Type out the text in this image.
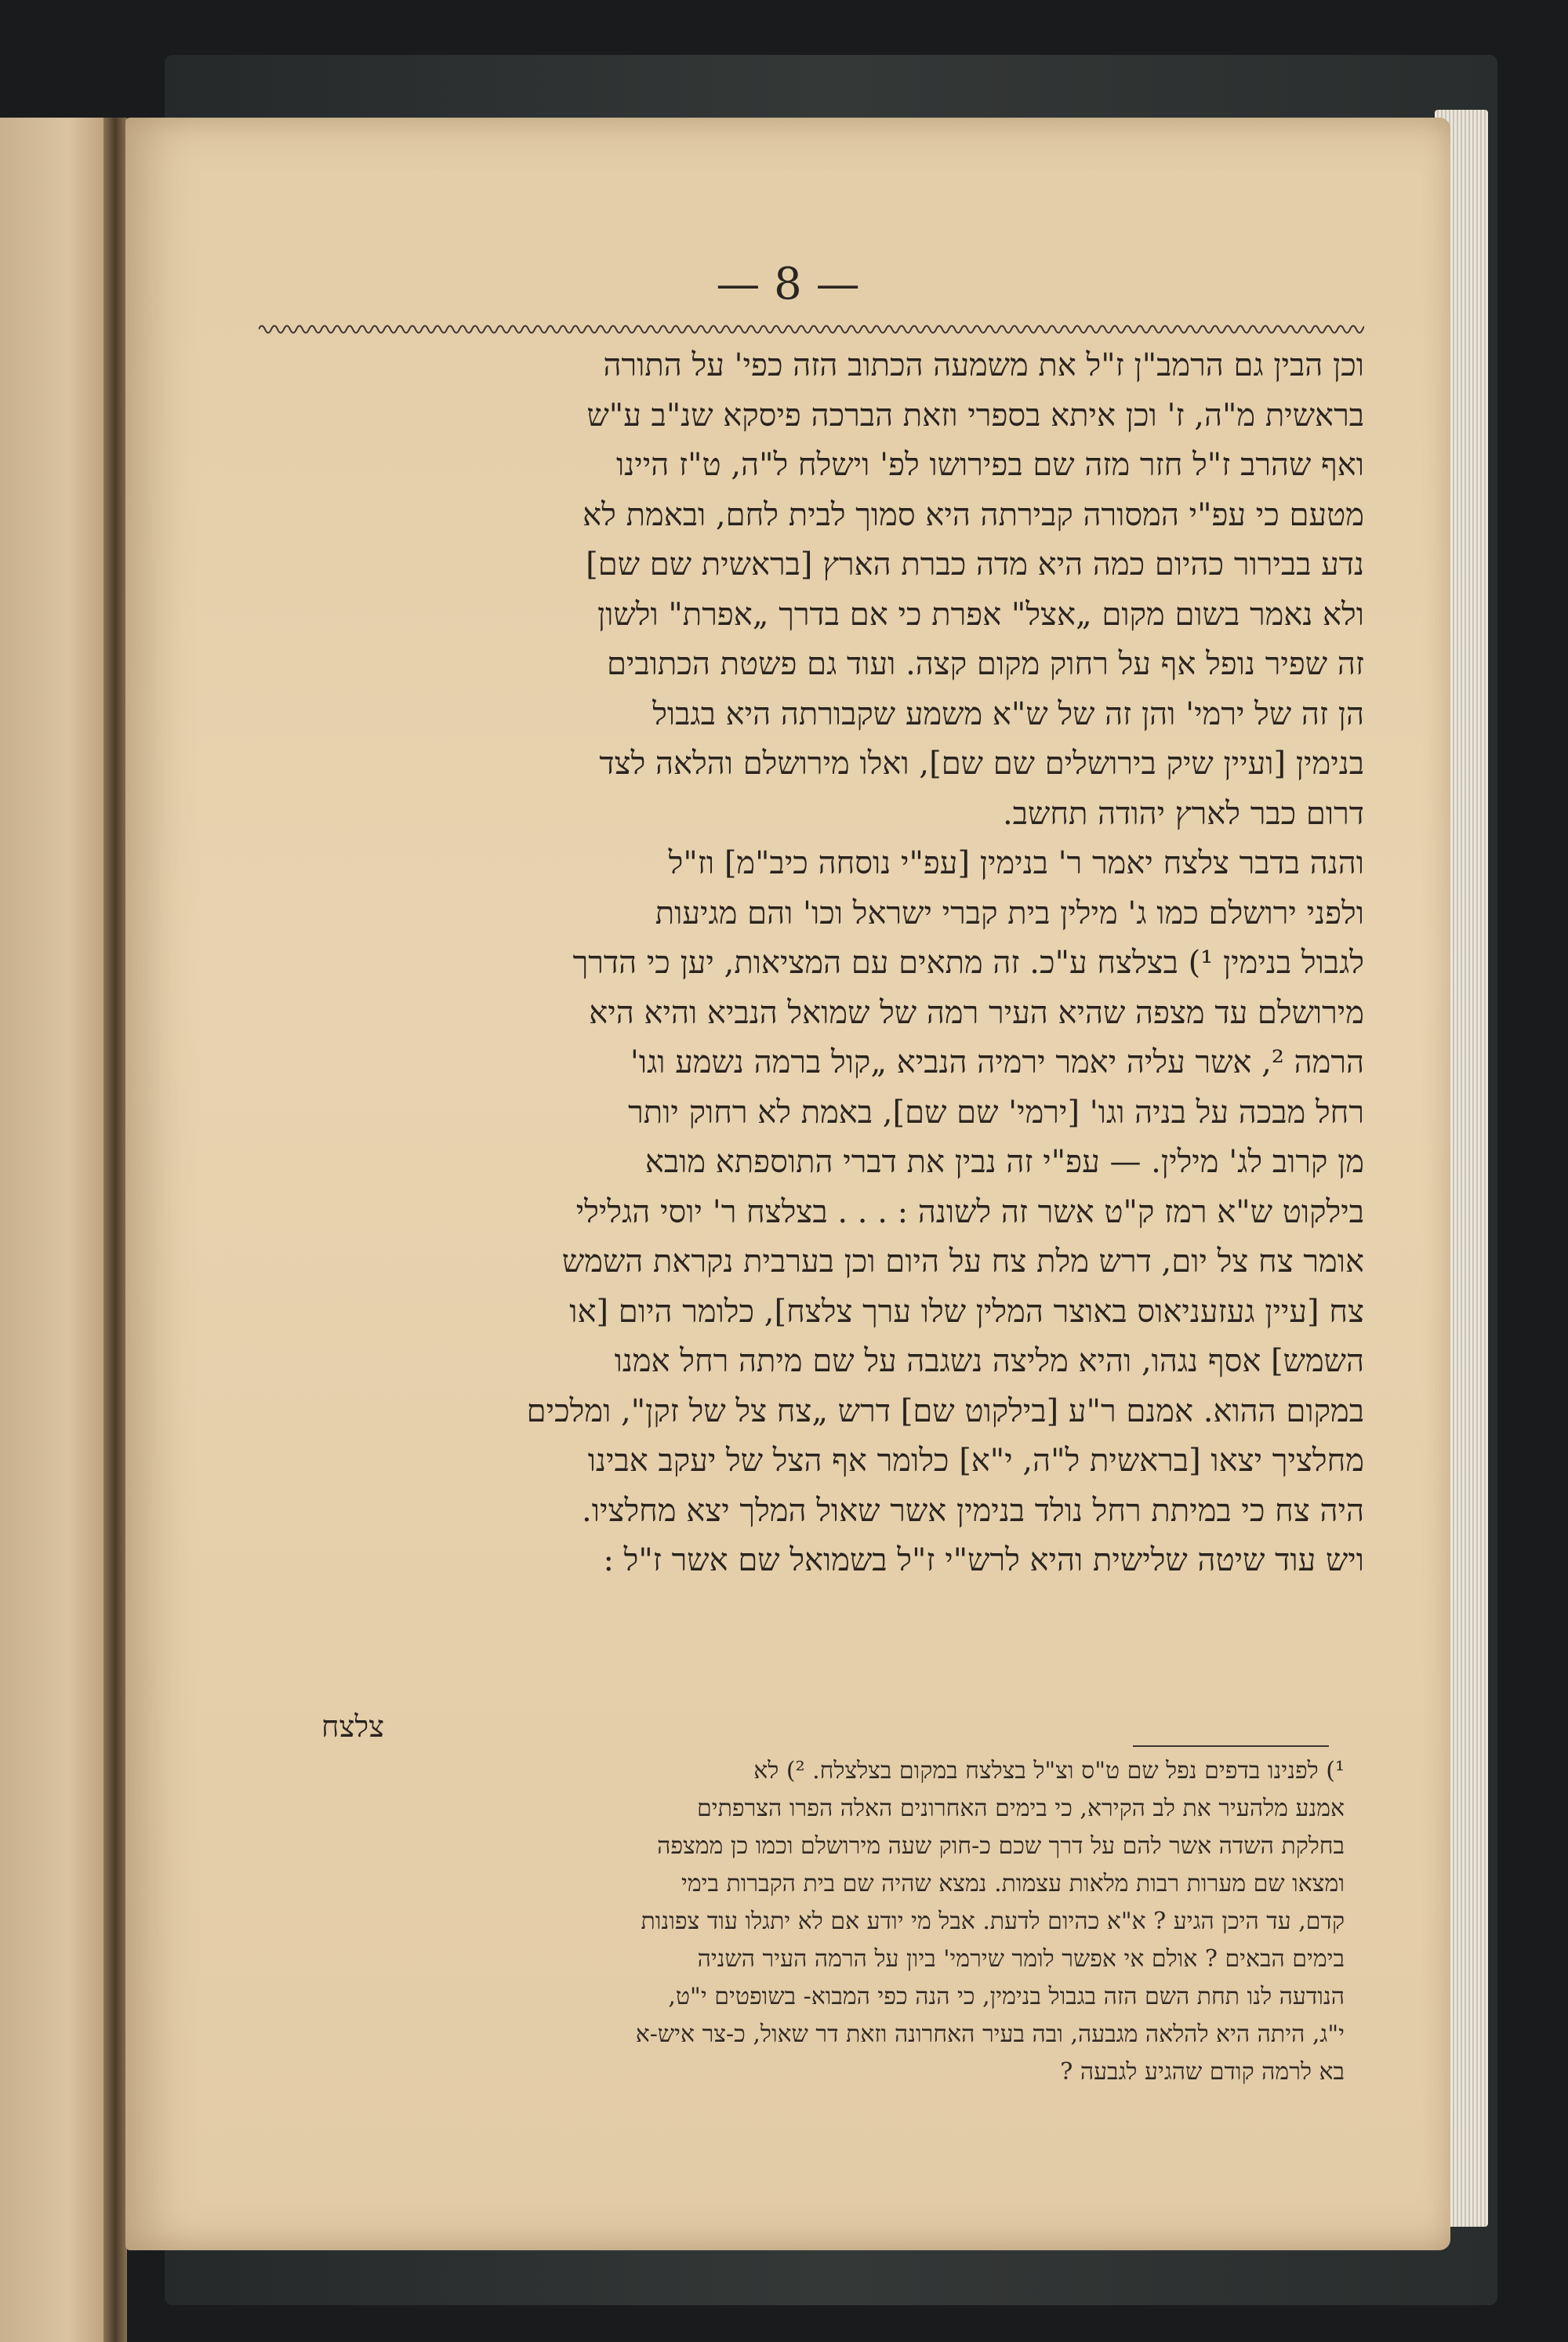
— 8 —
וכן הבין גם הרמב"ן ז"ל את משמעה הכתוב הזה כפי' על התורה
בראשית מ"ה, ז' וכן איתא בספרי וזאת הברכה פיסקא שנ"ב ע"ש
ואף שהרב ז"ל חזר מזה שם בפירושו לפ' וישלח ל"ה, ט"ז היינו
מטעם כי עפ"י המסורה קבירתה היא סמוך לבית לחם, ובאמת לא
נדע בבירור כהיום כמה היא מדה כברת הארץ [בראשית שם שם]
ולא נאמר בשום מקום „אצל" אפרת כי אם בדרך „אפרת" ולשון
זה שפיר נופל אף על רחוק מקום קצה. ועוד גם פשטת הכתובים
הן זה של ירמי' והן זה של ש"א משמע שקבורתה היא בגבול
בנימין [ועיין שיק בירושלים שם שם], ואלו מירושלם והלאה לצד
דרום כבר לארץ יהודה תחשב.
והנה בדבר צלצח יאמר ר' בנימין [עפ"י נוסחה כיב"מ] וז"ל
ולפני ירושלם כמו ג' מילין בית קברי ישראל וכו' והם מגיעות
לגבול בנימין ¹) בצלצח ע"כ. זה מתאים עם המציאות, יען כי הדרך
מירושלם עד מצפה שהיא העיר רמה של שמואל הנביא והיא היא
הרמה ², אשר עליה יאמר ירמיה הנביא „קול ברמה נשמע וגו'
רחל מבכה על בניה וגו' [ירמי' שם שם], באמת לא רחוק יותר
מן קרוב לג' מילין. — עפ"י זה נבין את דברי התוספתא מובא
בילקוט ש"א רמז ק"ט אשר זה לשונה : . . . בצלצח ר' יוסי הגלילי
אומר צח צל יום, דרש מלת צח על היום וכן בערבית נקראת השמש
צח [עיין געזעניאוס באוצר המלין שלו ערך צלצח], כלומר היום [או
השמש] אסף נגהו, והיא מליצה נשגבה על שם מיתה רחל אמנו
במקום ההוא. אמנם ר"ע [בילקוט שם] דרש „צח צל של זקן", ומלכים
מחלציך יצאו [בראשית ל"ה, י"א] כלומר אף הצל של יעקב אבינו
היה צח כי במיתת רחל נולד בנימין אשר שאול המלך יצא מחלציו.
ויש עוד שיטה שלישית והיא לרש"י ז"ל בשמואל שם אשר ז"ל :
צלצח
¹) לפנינו בדפים נפל שם ט"ס וצ"ל בצלצח במקום בצלצלח. ²) לא
אמנע מלהעיר את לב הקירא, כי בימים האחרונים האלה הפרו הצרפתים
בחלקת השדה אשר להם על דרך שכם כ-חוק שעה מירושלם וכמו כן ממצפה
ומצאו שם מערות רבות מלאות עצמות. נמצא שהיה שם בית הקברות בימי
קדם, עד היכן הגיע ? א"א כהיום לדעת. אבל מי יודע אם לא יתגלו עוד צפונות
בימים הבאים ? אולם אי אפשר לומר שירמי' ביון על הרמה העיר השניה
הנודעה לנו תחת השם הזה בגבול בנימין, כי הנה כפי המבוא- בשופטים י"ט,
י"ג, היתה היא להלאה מגבעה, ובה בעיר האחרונה וזאת דר שאול, כ-צר איש-א
בא לרמה קודם שהגיע לגבעה ?
